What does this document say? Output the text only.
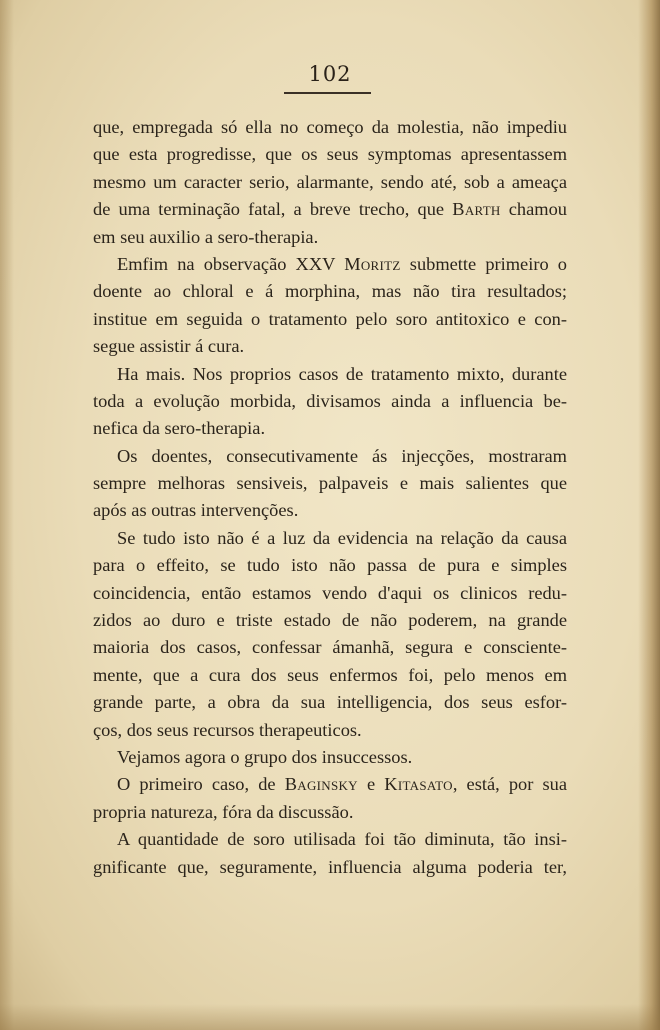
102
que, empregada só ella no começo da molestia, não impediu
que esta progredisse, que os seus symptomas apresentassem
mesmo um caracter serio, alarmante, sendo até, sob a ameaça
de uma terminação fatal, a breve trecho, que Barth chamou
em seu auxilio a sero-therapia.
Emfim na observação XXV Moritz submette primeiro o
doente ao chloral e á morphina, mas não tira resultados;
institue em seguida o tratamento pelo soro antitoxico e con-
segue assistir á cura.
Ha mais. Nos proprios casos de tratamento mixto, durante
toda a evolução morbida, divisamos ainda a influencia be-
nefica da sero-therapia.
Os doentes, consecutivamente ás injecções, mostraram
sempre melhoras sensiveis, palpaveis e mais salientes que
após as outras intervenções.
Se tudo isto não é a luz da evidencia na relação da causa
para o effeito, se tudo isto não passa de pura e simples
coincidencia, então estamos vendo d'aqui os clinicos redu-
zidos ao duro e triste estado de não poderem, na grande
maioria dos casos, confessar ámanhã, segura e consciente-
mente, que a cura dos seus enfermos foi, pelo menos em
grande parte, a obra da sua intelligencia, dos seus esfor-
ços, dos seus recursos therapeuticos.
Vejamos agora o grupo dos insuccessos.
O primeiro caso, de Baginsky e Kitasato, está, por sua
propria natureza, fóra da discussão.
A quantidade de soro utilisada foi tão diminuta, tão insi-
gnificante que, seguramente, influencia alguma poderia ter,
